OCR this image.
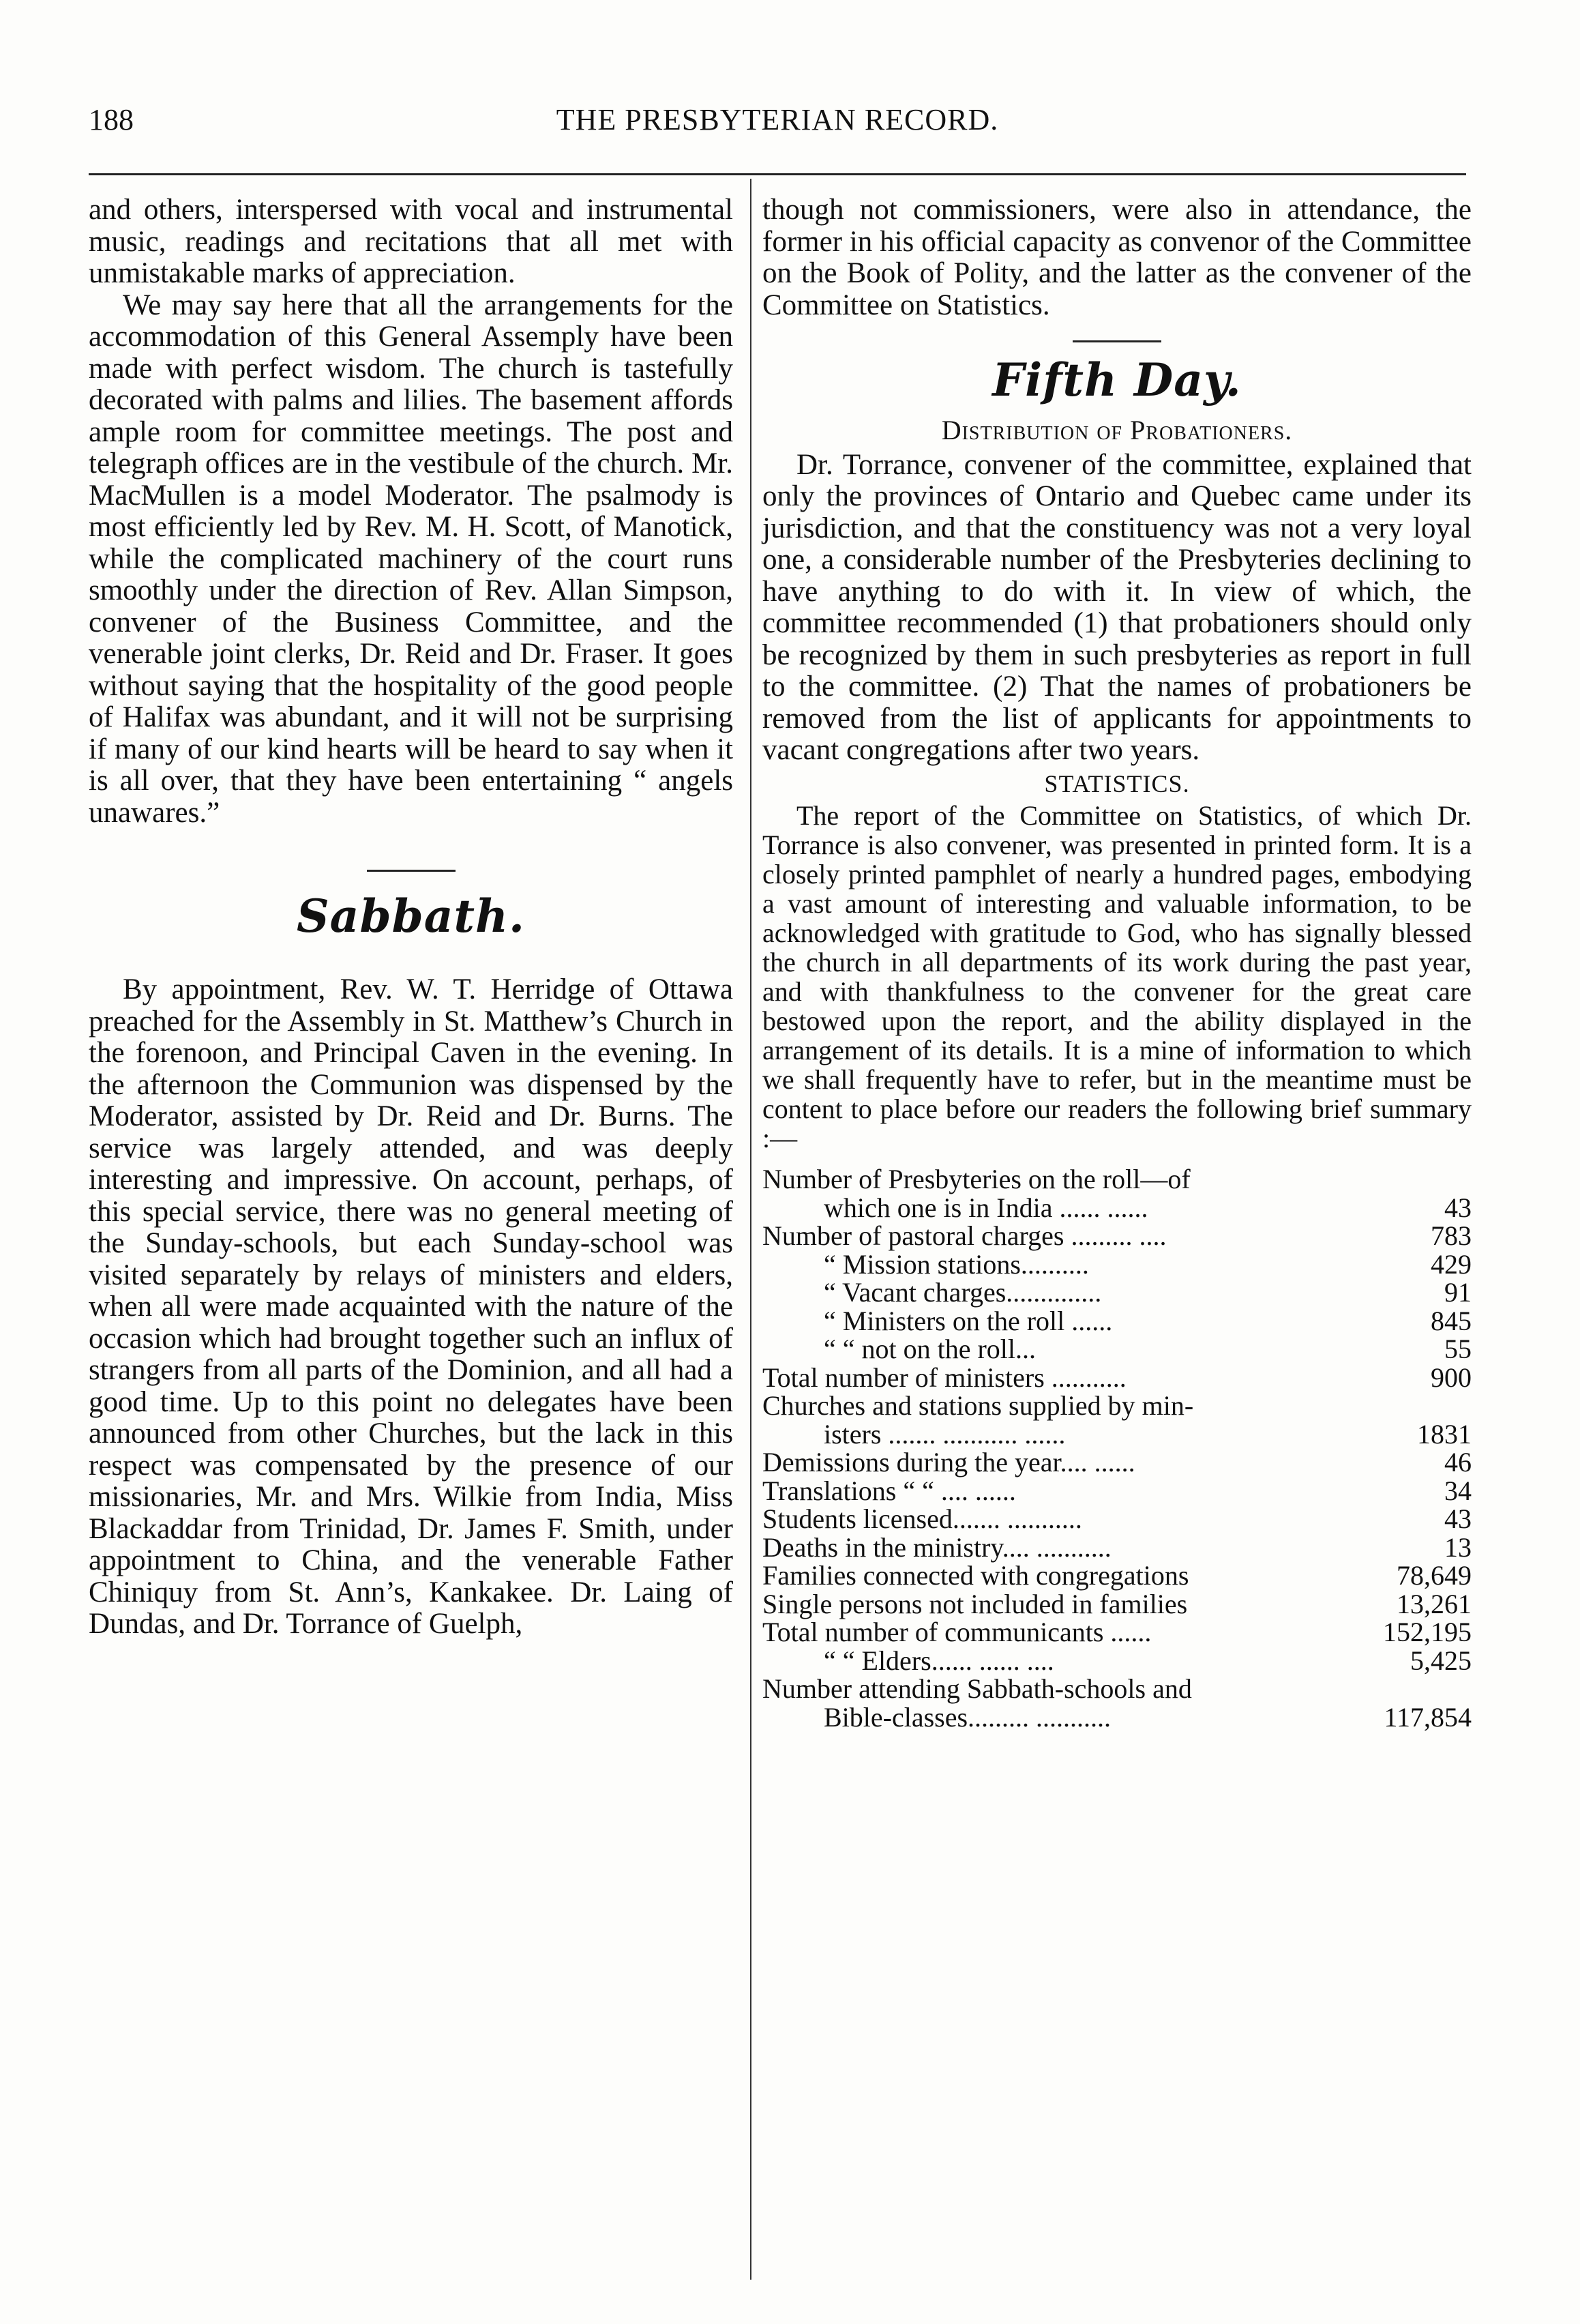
188	THE PRESBYTERIAN RECORD.

and others, interspersed with vocal and instrumental music, readings and recitations that all met with unmistakable marks of appreciation.

We may say here that all the arrangements for the accommodation of this General Assemply have been made with perfect wisdom. The church is tastefully decorated with palms and lilies. The basement affords ample room for committee meetings. The post and telegraph offices are in the vestibule of the church. Mr. MacMullen is a model Moderator. The psalmody is most efficiently led by Rev. M. H. Scott, of Manotick, while the complicated machinery of the court runs smoothly under the direction of Rev. Allan Simpson, convener of the Business Committee, and the venerable joint clerks, Dr. Reid and Dr. Fraser. It goes without saying that the hospitality of the good people of Halifax was abundant, and it will not be surprising if many of our kind hearts will be heard to say when it is all over, that they have been entertaining “ angels unawares.”

Sabbath.

By appointment, Rev. W. T. Herridge of Ottawa preached for the Assembly in St. Matthew’s Church in the forenoon, and Principal Caven in the evening. In the afternoon the Communion was dispensed by the Moderator, assisted by Dr. Reid and Dr. Burns. The service was largely attended, and was deeply interesting and impressive. On account, perhaps, of this special service, there was no general meeting of the Sunday-schools, but each Sunday-school was visited separately by relays of ministers and elders, when all were made acquainted with the nature of the occasion which had brought together such an influx of strangers from all parts of the Dominion, and all had a good time. Up to this point no delegates have been announced from other Churches, but the lack in this respect was compensated by the presence of our missionaries, Mr. and Mrs. Wilkie from India, Miss Blackaddar from Trinidad, Dr. James F. Smith, under appointment to China, and the venerable Father Chiniquy from St. Ann’s, Kankakee. Dr. Laing of Dundas, and Dr. Torrance of Guelph,

though not commissioners, were also in attendance, the former in his official capacity as convenor of the Committee on the Book of Polity, and the latter as the convener of the Committee on Statistics.

Fifth Day.
Distribution of Probationers.

Dr. Torrance, convener of the committee, explained that only the provinces of Ontario and Quebec came under its jurisdiction, and that the constituency was not a very loyal one, a considerable number of the Presbyteries declining to have anything to do with it. In view of which, the committee recommended (1) that probationers should only be recognized by them in such presbyteries as report in full to the committee. (2) That the names of probationers be removed from the list of applicants for appointments to vacant congregations after two years.

STATISTICS.

The report of the Committee on Statistics, of which Dr. Torrance is also convener, was presented in printed form. It is a closely printed pamphlet of nearly a hundred pages, embodying a vast amount of interesting and valuable information, to be acknowledged with gratitude to God, who has signally blessed the church in all departments of its work during the past year, and with thankfulness to the convener for the great care bestowed upon the report, and the ability displayed in the arrangement of its details. It is a mine of information to which we shall frequently have to refer, but in the meantime must be content to place before our readers the following brief summary :—

Number of Presbyteries on the roll—of	
which one is in India ...... ......	43
Number of pastoral charges ......... ....	783
“ Mission stations..........	429
“ Vacant charges..............	91
“ Ministers on the roll ......	845
“ “ not on the roll...	55
Total number of ministers ...........	900
Churches and stations supplied by min-	
isters ....... ........... ......	1831
Demissions during the year.... ......	46
Translations “ “ .... ......	34
Students licensed....... ...........	43
Deaths in the ministry.... ...........	13
Families connected with congregations	78,649
Single persons not included in families	13,261
Total number of communicants ......	152,195
“ “ Elders...... ...... ....	5,425
Number attending Sabbath-schools and	
Bible-classes......... ...........	117,854
